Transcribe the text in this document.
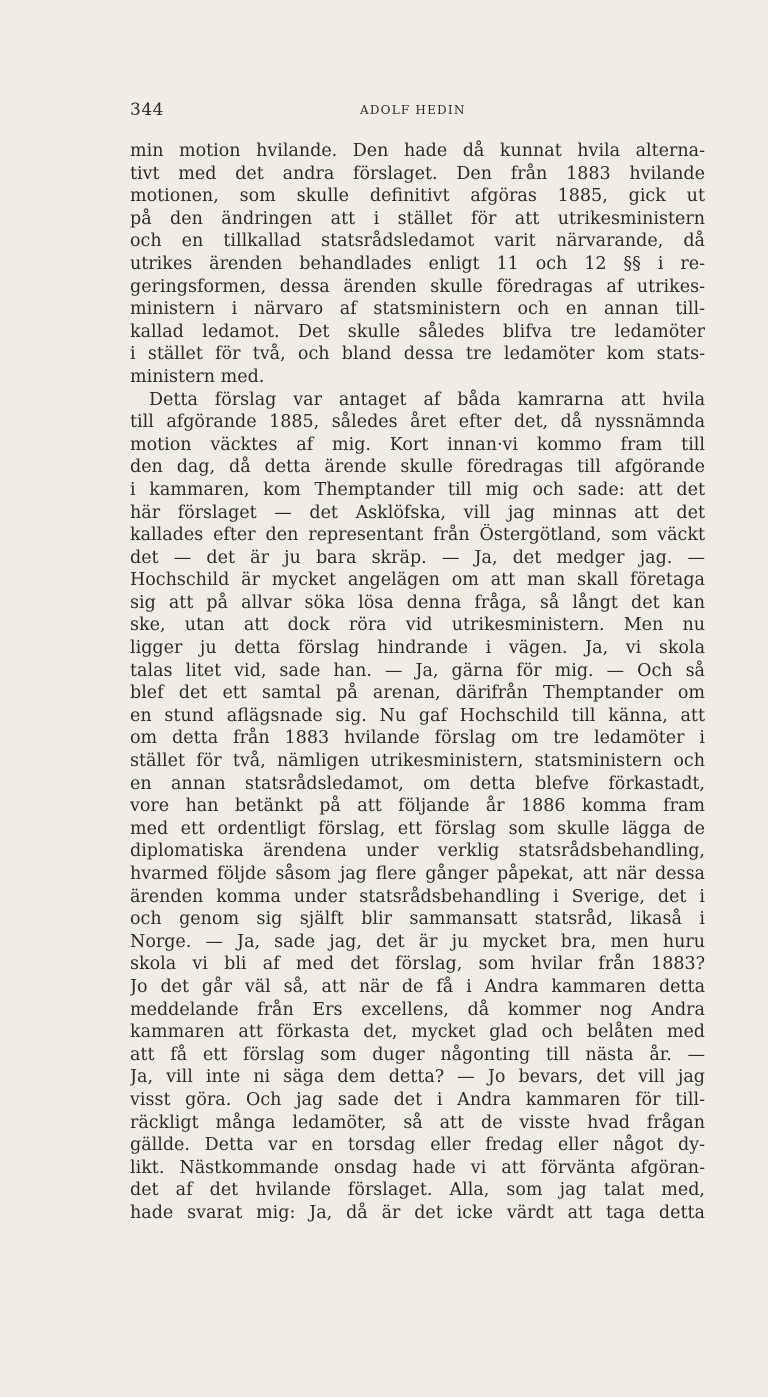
344	ADOLF HEDIN
min motion hvilande. Den hade då kunnat hvila alterna-
tivt med det andra förslaget. Den från 1883 hvilande
motionen, som skulle definitivt afgöras 1885, gick ut
på den ändringen att i stället för att utrikesministern
och en tillkallad statsrådsledamot varit närvarande, då
utrikes ärenden behandlades enligt 11 och 12 §§ i re-
geringsformen, dessa ärenden skulle föredragas af utrikes-
ministern i närvaro af statsministern och en annan till-
kallad ledamot. Det skulle således blifva tre ledamöter
i stället för två, och bland dessa tre ledamöter kom stats-
ministern med.
Detta förslag var antaget af båda kamrarna att hvila
till afgörande 1885, således året efter det, då nyssnämnda
motion väcktes af mig. Kort innan·vi kommo fram till
den dag, då detta ärende skulle föredragas till afgörande
i kammaren, kom Themptander till mig och sade: att det
här förslaget — det Asklöfska, vill jag minnas att det
kallades efter den representant från Östergötland, som väckt
det — det är ju bara skräp. — Ja, det medger jag. —
Hochschild är mycket angelägen om att man skall företaga
sig att på allvar söka lösa denna fråga, så långt det kan
ske, utan att dock röra vid utrikesministern. Men nu
ligger ju detta förslag hindrande i vägen. Ja, vi skola
talas litet vid, sade han. — Ja, gärna för mig. — Och så
blef det ett samtal på arenan, därifrån Themptander om
en stund aflägsnade sig. Nu gaf Hochschild till känna, att
om detta från 1883 hvilande förslag om tre ledamöter i
stället för två, nämligen utrikesministern, statsministern och
en annan statsrådsledamot, om detta blefve förkastadt,
vore han betänkt på att följande år 1886 komma fram
med ett ordentligt förslag, ett förslag som skulle lägga de
diplomatiska ärendena under verklig statsrådsbehandling,
hvarmed följde såsom jag flere gånger påpekat, att när dessa
ärenden komma under statsrådsbehandling i Sverige, det i
och genom sig själft blir sammansatt statsråd, likaså i
Norge. — Ja, sade jag, det är ju mycket bra, men huru
skola vi bli af med det förslag, som hvilar från 1883?
Jo det går väl så, att när de få i Andra kammaren detta
meddelande från Ers excellens, då kommer nog Andra
kammaren att förkasta det, mycket glad och belåten med
att få ett förslag som duger någonting till nästa år. —
Ja, vill inte ni säga dem detta? — Jo bevars, det vill jag
visst göra. Och jag sade det i Andra kammaren för till-
räckligt många ledamöter, så att de visste hvad frågan
gällde. Detta var en torsdag eller fredag eller något dy-
likt. Nästkommande onsdag hade vi att förvänta afgöran-
det af det hvilande förslaget. Alla, som jag talat med,
hade svarat mig: Ja, då är det icke värdt att taga detta
